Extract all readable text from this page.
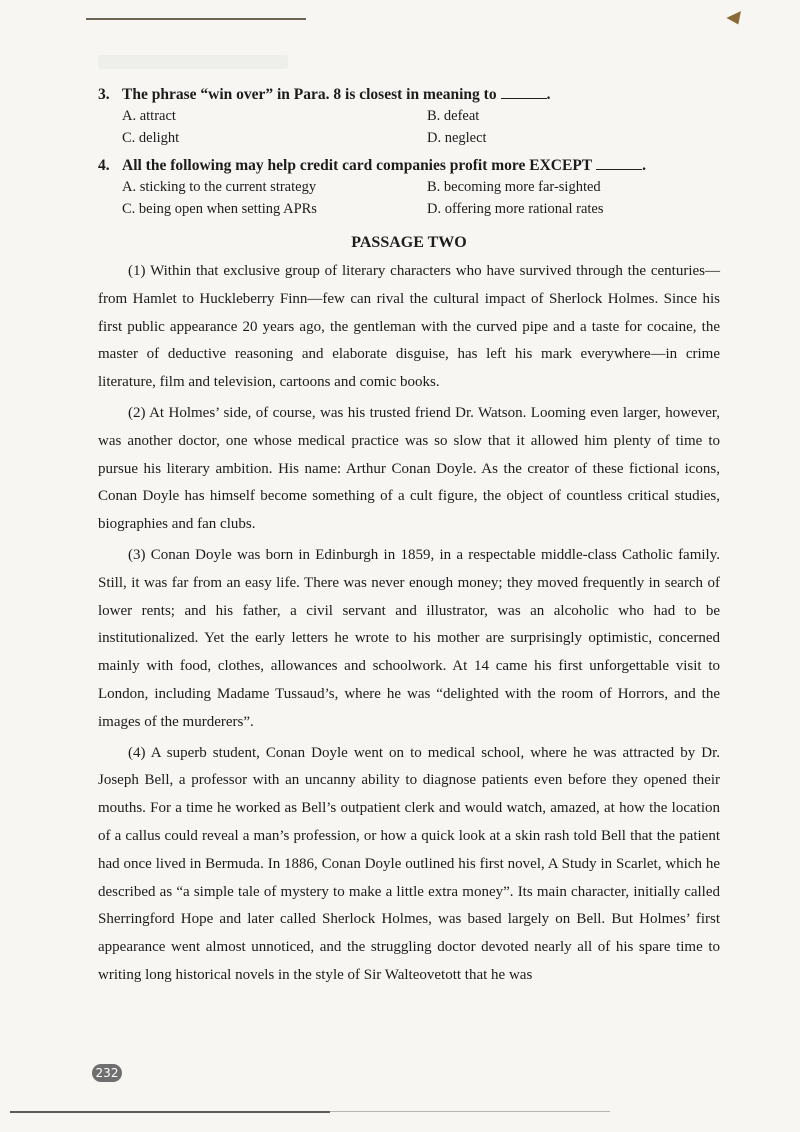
3. The phrase “win over” in Para. 8 is closest in meaning to	.
A. attract	B. defeat
C. delight	D. neglect
4. All the following may help credit card companies profit more EXCEPT	.
A. sticking to the current strategy	B. becoming more far-sighted
C. being open when setting APRs	D. offering more rational rates
PASSAGE TWO

(1) Within that exclusive group of literary characters who have survived through the centuries—from Hamlet to Huckleberry Finn—few can rival the cultural impact of Sherlock Holmes. Since his first public appearance 20 years ago, the gentleman with the curved pipe and a taste for cocaine, the master of deductive reasoning and elaborate disguise, has left his mark everywhere—in crime literature, film and television, cartoons and comic books.

(2) At Holmes’ side, of course, was his trusted friend Dr. Watson. Looming even larger, however, was another doctor, one whose medical practice was so slow that it allowed him plenty of time to pursue his literary ambition. His name: Arthur Conan Doyle. As the creator of these fictional icons, Conan Doyle has himself become something of a cult figure, the object of countless critical studies, biographies and fan clubs.

(3) Conan Doyle was born in Edinburgh in 1859, in a respectable middle-class Catholic family. Still, it was far from an easy life. There was never enough money; they moved frequently in search of lower rents; and his father, a civil servant and illustrator, was an alcoholic who had to be institutionalized. Yet the early letters he wrote to his mother are surprisingly optimistic, concerned mainly with food, clothes, allowances and schoolwork. At 14 came his first unforgettable visit to London, including Madame Tussaud’s, where he was “delighted with the room of Horrors, and the images of the murderers”.

(4) A superb student, Conan Doyle went on to medical school, where he was attracted by Dr. Joseph Bell, a professor with an uncanny ability to diagnose patients even before they opened their mouths. For a time he worked as Bell’s outpatient clerk and would watch, amazed, at how the location of a callus could reveal a man’s profession, or how a quick look at a skin rash told Bell that the patient had once lived in Bermuda. In 1886, Conan Doyle outlined his first novel, A Study in Scarlet, which he described as “a simple tale of mystery to make a little extra money”. Its main character, initially called Sherringford Hope and later called Sherlock Holmes, was based largely on Bell. But Holmes’ first appearance went almost unnoticed, and the struggling doctor devoted nearly all of his spare time to writing long historical novels in the style of Sir Walteovetott that he was

232
